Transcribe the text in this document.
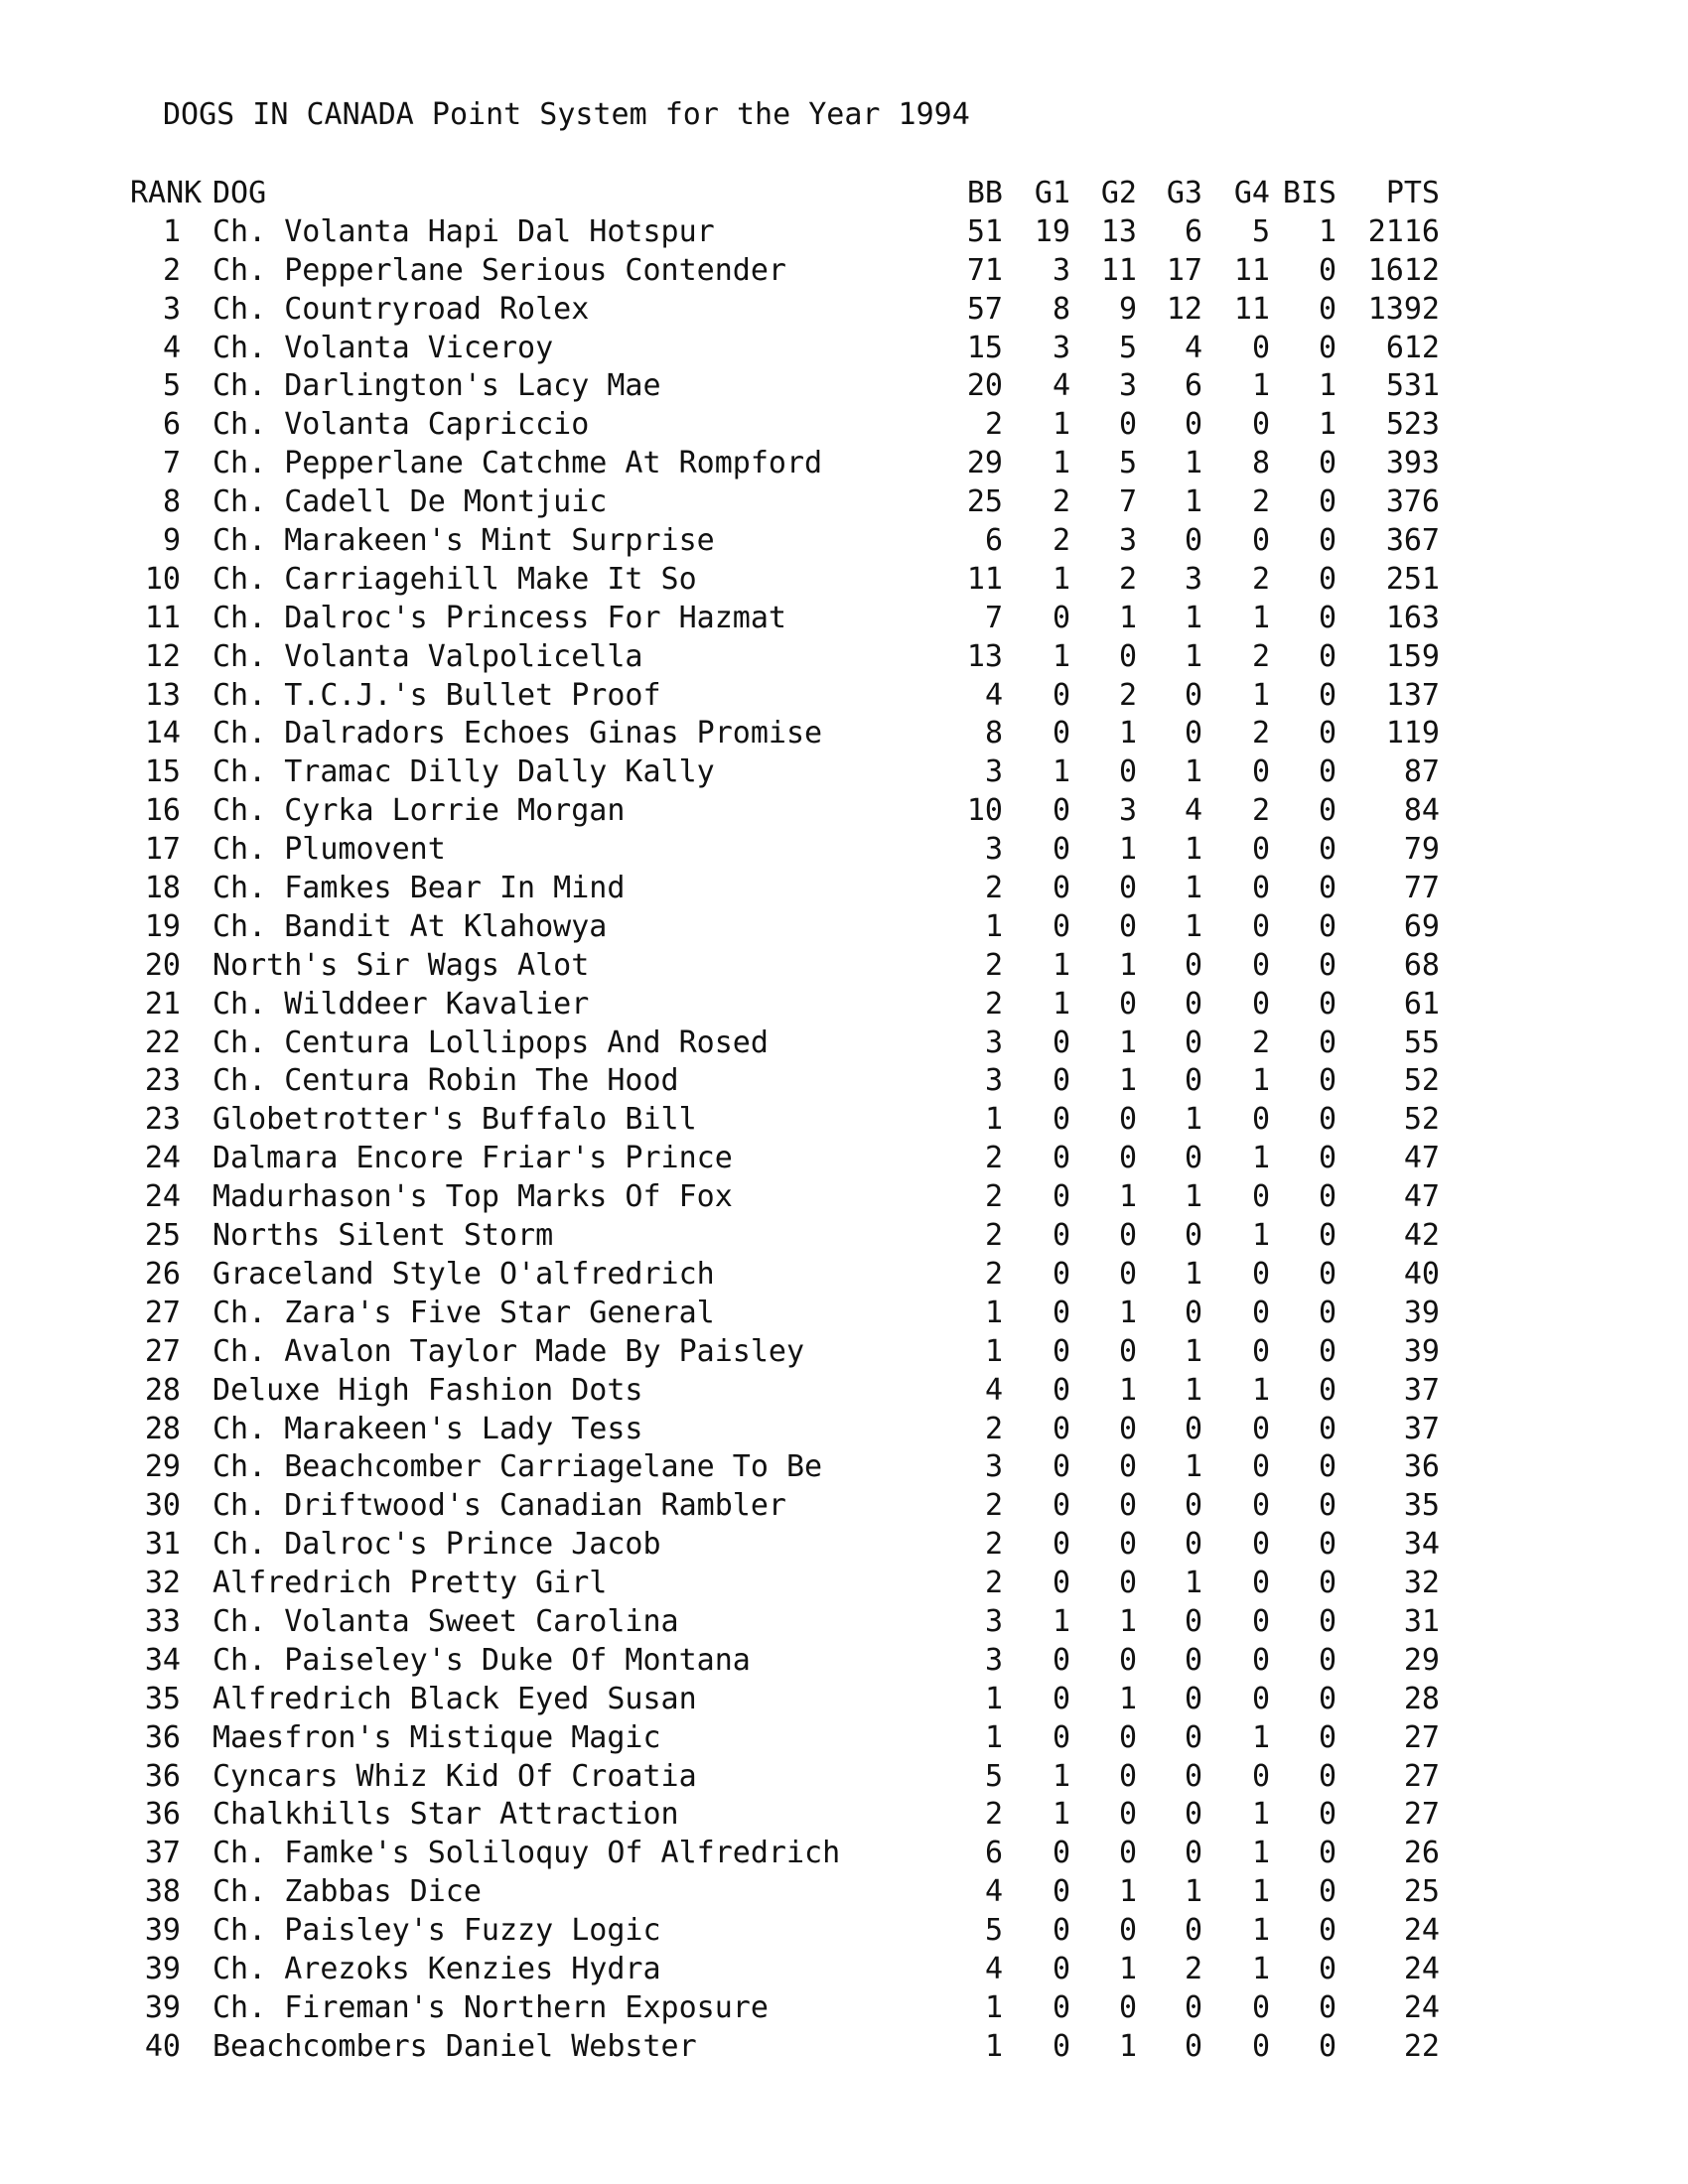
DOGS IN CANADA Point System for the Year 1994
RANK DOG	BB G1 G2 G3 G4 BIS PTS
1 Ch. Volanta Hapi Dal Hotspur	51 19 13 6 5 1 2116
2 Ch. Pepperlane Serious Contender	71 3 11 17 11 0 1612
3 Ch. Countryroad Rolex	57 8 9 12 11 0 1392
4 Ch. Volanta Viceroy	15 3 5 4 0 0 612
5 Ch. Darlington's Lacy Mae	20 4 3 6 1 1 531
6 Ch. Volanta Capriccio	2 1 0 0 0 1 523
7 Ch. Pepperlane Catchme At Rompford	29 1 5 1 8 0 393
8 Ch. Cadell De Montjuic	25 2 7 1 2 0 376
9 Ch. Marakeen's Mint Surprise	6 2 3 0 0 0 367
10 Ch. Carriagehill Make It So	11 1 2 3 2 0 251
11 Ch. Dalroc's Princess For Hazmat	7 0 1 1 1 0 163
12 Ch. Volanta Valpolicella	13 1 0 1 2 0 159
13 Ch. T.C.J.'s Bullet Proof	4 0 2 0 1 0 137
14 Ch. Dalradors Echoes Ginas Promise	8 0 1 0 2 0 119
15 Ch. Tramac Dilly Dally Kally	3 1 0 1 0 0 87
16 Ch. Cyrka Lorrie Morgan	10 0 3 4 2 0 84
17 Ch. Plumovent	3 0 1 1 0 0 79
18 Ch. Famkes Bear In Mind	2 0 0 1 0 0 77
19 Ch. Bandit At Klahowya	1 0 0 1 0 0 69
20 North's Sir Wags Alot	2 1 1 0 0 0 68
21 Ch. Wilddeer Kavalier	2 1 0 0 0 0 61
22 Ch. Centura Lollipops And Rosed	3 0 1 0 2 0 55
23 Ch. Centura Robin The Hood	3 0 1 0 1 0 52
23 Globetrotter's Buffalo Bill	1 0 0 1 0 0 52
24 Dalmara Encore Friar's Prince	2 0 0 0 1 0 47
24 Madurhason's Top Marks Of Fox	2 0 1 1 0 0 47
25 Norths Silent Storm	2 0 0 0 1 0 42
26 Graceland Style O'alfredrich	2 0 0 1 0 0 40
27 Ch. Zara's Five Star General	1 0 1 0 0 0 39
27 Ch. Avalon Taylor Made By Paisley	1 0 0 1 0 0 39
28 Deluxe High Fashion Dots	4 0 1 1 1 0 37
28 Ch. Marakeen's Lady Tess	2 0 0 0 0 0 37
29 Ch. Beachcomber Carriagelane To Be	3 0 0 1 0 0 36
30 Ch. Driftwood's Canadian Rambler	2 0 0 0 0 0 35
31 Ch. Dalroc's Prince Jacob	2 0 0 0 0 0 34
32 Alfredrich Pretty Girl	2 0 0 1 0 0 32
33 Ch. Volanta Sweet Carolina	3 1 1 0 0 0 31
34 Ch. Paiseley's Duke Of Montana	3 0 0 0 0 0 29
35 Alfredrich Black Eyed Susan	1 0 1 0 0 0 28
36 Maesfron's Mistique Magic	1 0 0 0 1 0 27
36 Cyncars Whiz Kid Of Croatia	5 1 0 0 0 0 27
36 Chalkhills Star Attraction	2 1 0 0 1 0 27
37 Ch. Famke's Soliloquy Of Alfredrich	6 0 0 0 1 0 26
38 Ch. Zabbas Dice	4 0 1 1 1 0 25
39 Ch. Paisley's Fuzzy Logic	5 0 0 0 1 0 24
39 Ch. Arezoks Kenzies Hydra	4 0 1 2 1 0 24
39 Ch. Fireman's Northern Exposure	1 0 0 0 0 0 24
40 Beachcombers Daniel Webster	1 0 1 0 0 0 22
